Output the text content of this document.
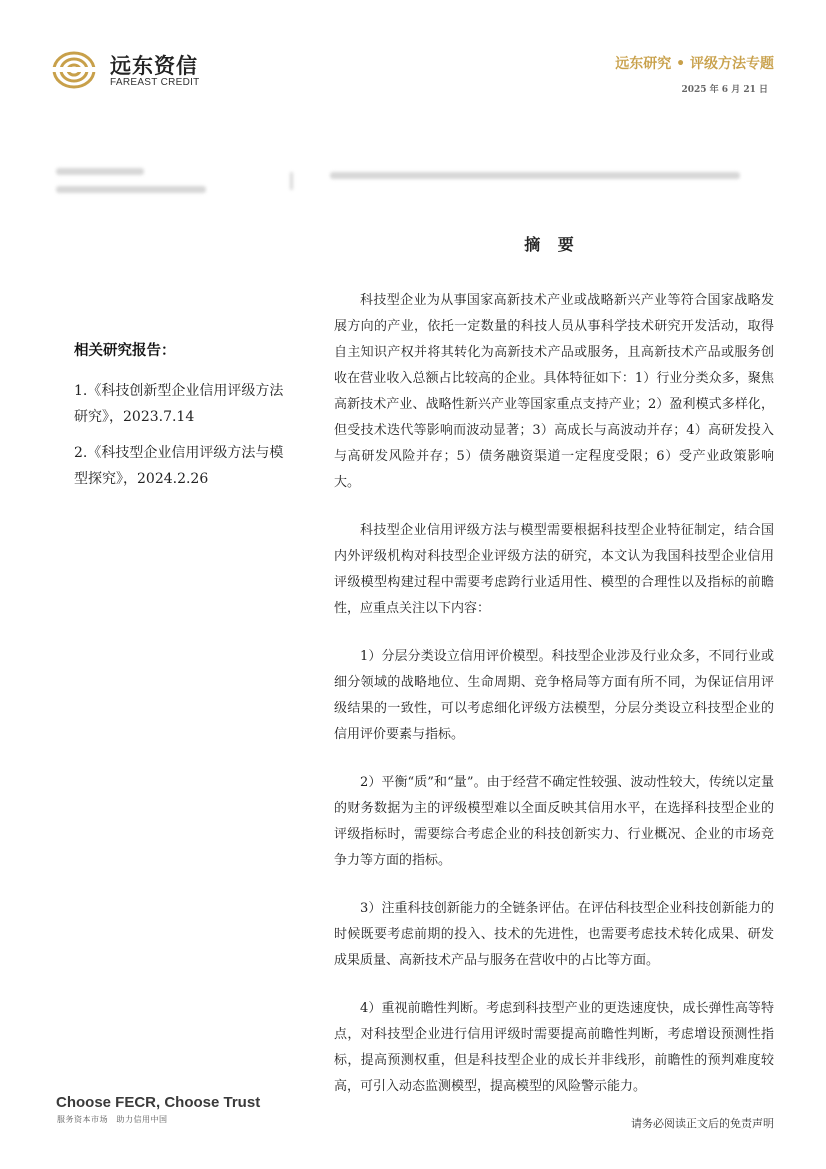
远东资信
FAREAST CREDIT
远东研究 • 评级方法专题
2025 年 6 月 21 日
摘 要
相关研究报告：
1.《科技创新型企业信用评级方法研究》，2023.7.14
2.《科技型企业信用评级方法与模型探究》，2024.2.26

科技型企业为从事国家高新技术产业或战略新兴产业等符合国家战略发展方向的产业，依托一定数量的科技人员从事科学技术研究开发活动，取得自主知识产权并将其转化为高新技术产品或服务，且高新技术产品或服务创收在营业收入总额占比较高的企业。具体特征如下：1）行业分类众多，聚焦高新技术产业、战略性新兴产业等国家重点支持产业；2）盈利模式多样化，但受技术迭代等影响而波动显著；3）高成长与高波动并存；4）高研发投入与高研发风险并存；5）债务融资渠道一定程度受限；6）受产业政策影响大。

科技型企业信用评级方法与模型需要根据科技型企业特征制定，结合国内外评级机构对科技型企业评级方法的研究，本文认为我国科技型企业信用评级模型构建过程中需要考虑跨行业适用性、模型的合理性以及指标的前瞻性，应重点关注以下内容：

1）分层分类设立信用评价模型。科技型企业涉及行业众多，不同行业或细分领域的战略地位、生命周期、竞争格局等方面有所不同，为保证信用评级结果的一致性，可以考虑细化评级方法模型，分层分类设立科技型企业的信用评价要素与指标。

2）平衡“质”和“量”。由于经营不确定性较强、波动性较大，传统以定量的财务数据为主的评级模型难以全面反映其信用水平，在选择科技型企业的评级指标时，需要综合考虑企业的科技创新实力、行业概况、企业的市场竞争力等方面的指标。

3）注重科技创新能力的全链条评估。在评估科技型企业科技创新能力的时候既要考虑前期的投入、技术的先进性，也需要考虑技术转化成果、研发成果质量、高新技术产品与服务在营收中的占比等方面。

4）重视前瞻性判断。考虑到科技型产业的更迭速度快，成长弹性高等特点，对科技型企业进行信用评级时需要提高前瞻性判断，考虑增设预测性指标，提高预测权重，但是科技型企业的成长并非线形，前瞻性的预判难度较高，可引入动态监测模型，提高模型的风险警示能力。

Choose FECR, Choose Trust
服务资本市场　助力信用中国	请务必阅读正文后的免责声明
